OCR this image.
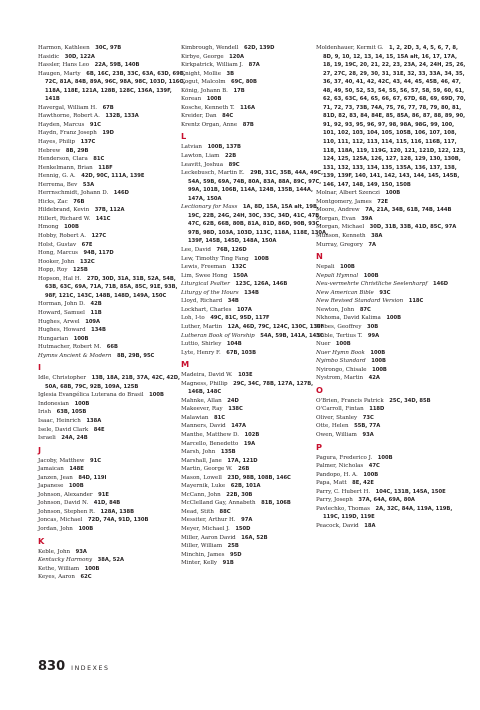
Harmon, Kathleen   30C, 97B
Hasidic   30D, 122A
Hassler, Hans Leo   22A, 59B, 140B
Haugen, Marty   6B, 16C, 23B, 33C, 63A, 63D, 69E, 72C, 81A, 84B, 89A, 96C, 98A, 98C, 103D, 116C, 118A, 118E, 121A, 128B, 128C, 136A, 139F, 141B
Havergal, William H.   67B
Hawthorne, Robert A.   132B, 133A
Hayden, Marcus   91C
Haydn, Franz Joseph   19D
Hayes, Philip   137C
Hebrew   8B, 29B
Henderson, Clara   81C
Henkelmann, Brian   118F
Hennig, G. A.   42D, 90C, 111A, 139E
Herrema, Bev   53A
Herrnschmidt, Johann D.   146D
Hicks, Zac   76B
Hildebrand, Kevin   37B, 112A
Hillert, Richard W.   141C
Hmong   100B
Hobby, Robert A.   127C
Holst, Gustav   67E
Hong, Marcus   94B, 117D
Hooker, John   132C
Hopp, Roy   125B
Hopson, Hal H.   27D, 30D, 31A, 31B, 52A, 54B, 63B, 63C, 69A, 71A, 71B, 85A, 85C, 91E, 93B, 98F, 121C, 143C, 148B, 148D, 149A, 150C
Horman, John D.   42B
Howard, Samuel   11B
Hughes, Arwel   109A
Hughes, Howard   134B
Hungarian   100B
Hutmacher, Robert M.   66B
Hymns Ancient & Modern   8B, 29B, 95C
I
Idle, Christopher   13B, 18A, 21B, 37A, 42C, 42D, 50A, 68B, 79C, 92B, 109A, 125B
Iglesia Evangélica Luterana do Brasil   100B
Indonesian   100B
Irish   63B, 105B
Isaac, Heinrich   138A
Isele, David Clark   84E
Israeli   24A, 24B
J
Jacoby, Matthew   91C
Jamaican   148E
Janzen, Jean   84D, 119I
Japanese   100B
Johnson, Alexander   91E
Johnson, David N.   41D, 84B
Johnson, Stephen R.   128A, 138B
Joncas, Michael   72D, 74A, 91D, 130B
Jordan, John   100B
K
Keble, John   93A
Kentucky Harmony   38A, 52A
Kethe, William   100B
Keyes, Aaron   62C
Kimbrough, Wendell   62D, 139D
Kirbye, George   120A
Kirkpatrick, William J.   87A
Knight, Mollie   3B
Kogut, Malcolm   69C, 80B
König, Johann B.   17B
Korean   100B
Kosche, Kenneth T.   116A
Kreider, Dan   84C
Krentz Organ, Anne   87B
L
Latvian   100B, 137B
Lawton, Liam   22B
Leavitt, Joshua   89C
Leckebusch, Martin E.   29B, 31C, 35B, 44A, 49C, 54A, 59B, 69A, 74B, 80A, 83A, 88A, 89C, 97C, 99A, 101B, 106B, 114A, 124B, 135B, 144A, 147A, 150A
Lectionary for Mass   1A, 8D, 15A, 15A alt, 19B, 19C, 22B, 24G, 24H, 30C, 33C, 34D, 41C, 47B, 47C, 62B, 66B, 80B, 81A, 81D, 86D, 90B, 93C, 97B, 98D, 103A, 103D, 113C, 118A, 118E, 130A, 139F, 145B, 145D, 148A, 150A
Lee, David   76B, 126D
Lew, Timothy Ting Fang   100B
Lewis, Freeman   132C
Lim, Swee Hong   150A
Liturgical Psalter   123C, 126A, 146B
Liturgy of the Hours   134B
Lloyd, Richard   34B
Lockhart, Charles   107A
Loh, I-to   49C, 81C, 95D, 117F
Luther, Martin   12A, 46D, 79C, 124C, 130C, 130F
Lutheran Book of Worship   54A, 59B, 141A, 143C
Luttio, Shirley   104B
Lyte, Henry F.   67B, 103B
M
Madeira, David W.   103E
Magness, Phillip   29C, 34C, 78B, 127A, 127B, 146B, 148C
Mahnke, Allan   24D
Makeever, Ray   138C
Malawian   81C
Manners, David   147A
Manthe, Matthew D.   102B
Marcello, Benedetto   19A
Marsh, John   135B
Marshall, Jane   17A, 121D
Martin, George W.   26B
Mason, Lowell   23D, 98B, 108B, 146C
Mayernik, Luke   62B, 101A
McCann, John   22B, 30B
McClelland Gay, Annabeth   81B, 106B
Mead, Stith   88C
Messiter, Arthur H.   97A
Meyer, Michael J.   150D
Miller, Aaron David   16A, 52B
Miller, William   25B
Minchin, James   95D
Minter, Kelly   91B
Moldenhauer, Kermit G.   1, 2, 2D, 3, 4, 5, 6, 7, 8, 8D, 9, 10, 12, 13, 14, 15, 15A alt, 16, 17, 17A, 18, 19, 19C, 20, 21, 22, 23, 23A, 24, 24H, 25, 26, 27, 27C, 28, 29, 30, 31, 31E, 32, 33, 33A, 34, 35, 36, 37, 40, 41, 42, 42C, 43, 44, 45, 45B, 46, 47, 48, 49, 50, 52, 53, 54, 55, 56, 57, 58, 59, 60, 61, 62, 63, 63C, 64, 65, 66, 67, 67D, 68, 69, 69D, 70, 71, 72, 73, 73B, 74A, 75, 76, 77, 78, 79, 80, 81, 81D, 82, 83, 84, 84E, 85, 85A, 86, 87, 88, 89, 90, 91, 92, 93, 95, 96, 97, 98, 98A, 98G, 99, 100, 101, 102, 103, 104, 105, 105B, 106, 107, 108, 110, 111, 112, 113, 114, 115, 116, 116B, 117, 118, 118A, 119, 119G, 120, 121, 121D, 122, 123, 124, 125, 125A, 126, 127, 128, 129, 130, 130B, 131, 132, 133, 134, 135, 135A, 136, 137, 138, 139, 139F, 140, 141, 142, 143, 144, 145, 145B, 146, 147, 148, 149, 150, 150B
Molnar, Albert Szenczi   100B
Montgomery, James   72E
Moore, Andrew   7A, 21A, 34B, 61B, 74B, 144B
Morgan, Evan   39A
Morgan, Michael   30D, 31B, 33B, 41D, 85C, 97A
Munson, Kenneth   38A
Murray, Gregory   7A
N
Nepali   100B
Nepali Hymnal   100B
Neu-vermehrte Christliche Seelenharpf   146D
New American Bible   93C
New Revised Standard Version   118C
Newton, John   87C
Nkhoma, David Kalima   100B
Nobes, Geoffrey   30B
Noble, Tertius T.   99A
Nuer   100B
Nuer Hymn Book   100B
Nyimbo Standard   100B
Nyirongo, Chisale   100B
Nystrom, Martin   42A
O
O'Brien, Francis Patrick   25C, 34D, 85B
O'Carroll, Fintan   118D
Oliver, Stanley   73C
Otte, Helen   55B, 77A
Owen, William   93A
P
Pagura, Frederico J.   100B
Palmer, Nicholas   47C
Pandopo, H. A.   100B
Papa, Matt   8E, 42E
Parry, C. Hubert H.   104C, 131B, 145A, 150E
Parry, Joseph   37A, 64A, 69A, 80A
Pavlechko, Thomas   2A, 32C, 84A, 119A, 119B, 119C, 119D, 119E
Peacock, David   18A
830 INDEXES
